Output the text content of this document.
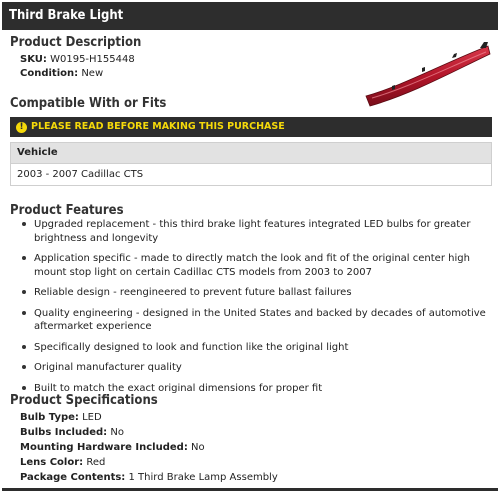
Third Brake Light
Product Description
SKU: W0195-H155448
Condition: New
Compatible With or Fits
! PLEASE READ BEFORE MAKING THIS PURCHASE
Vehicle
2003 - 2007 Cadillac CTS
Product Features
Upgraded replacement - this third brake light features integrated LED bulbs for greater brightness and longevity
Application specific - made to directly match the look and fit of the original center high mount stop light on certain Cadillac CTS models from 2003 to 2007
Reliable design - reengineered to prevent future ballast failures
Quality engineering - designed in the United States and backed by decades of automotive aftermarket experience
Specifically designed to look and function like the original light
Original manufacturer quality
Built to match the exact original dimensions for proper fit
Product Specifications
Bulb Type: LED
Bulbs Included: No
Mounting Hardware Included: No
Lens Color: Red
Package Contents: 1 Third Brake Lamp Assembly
